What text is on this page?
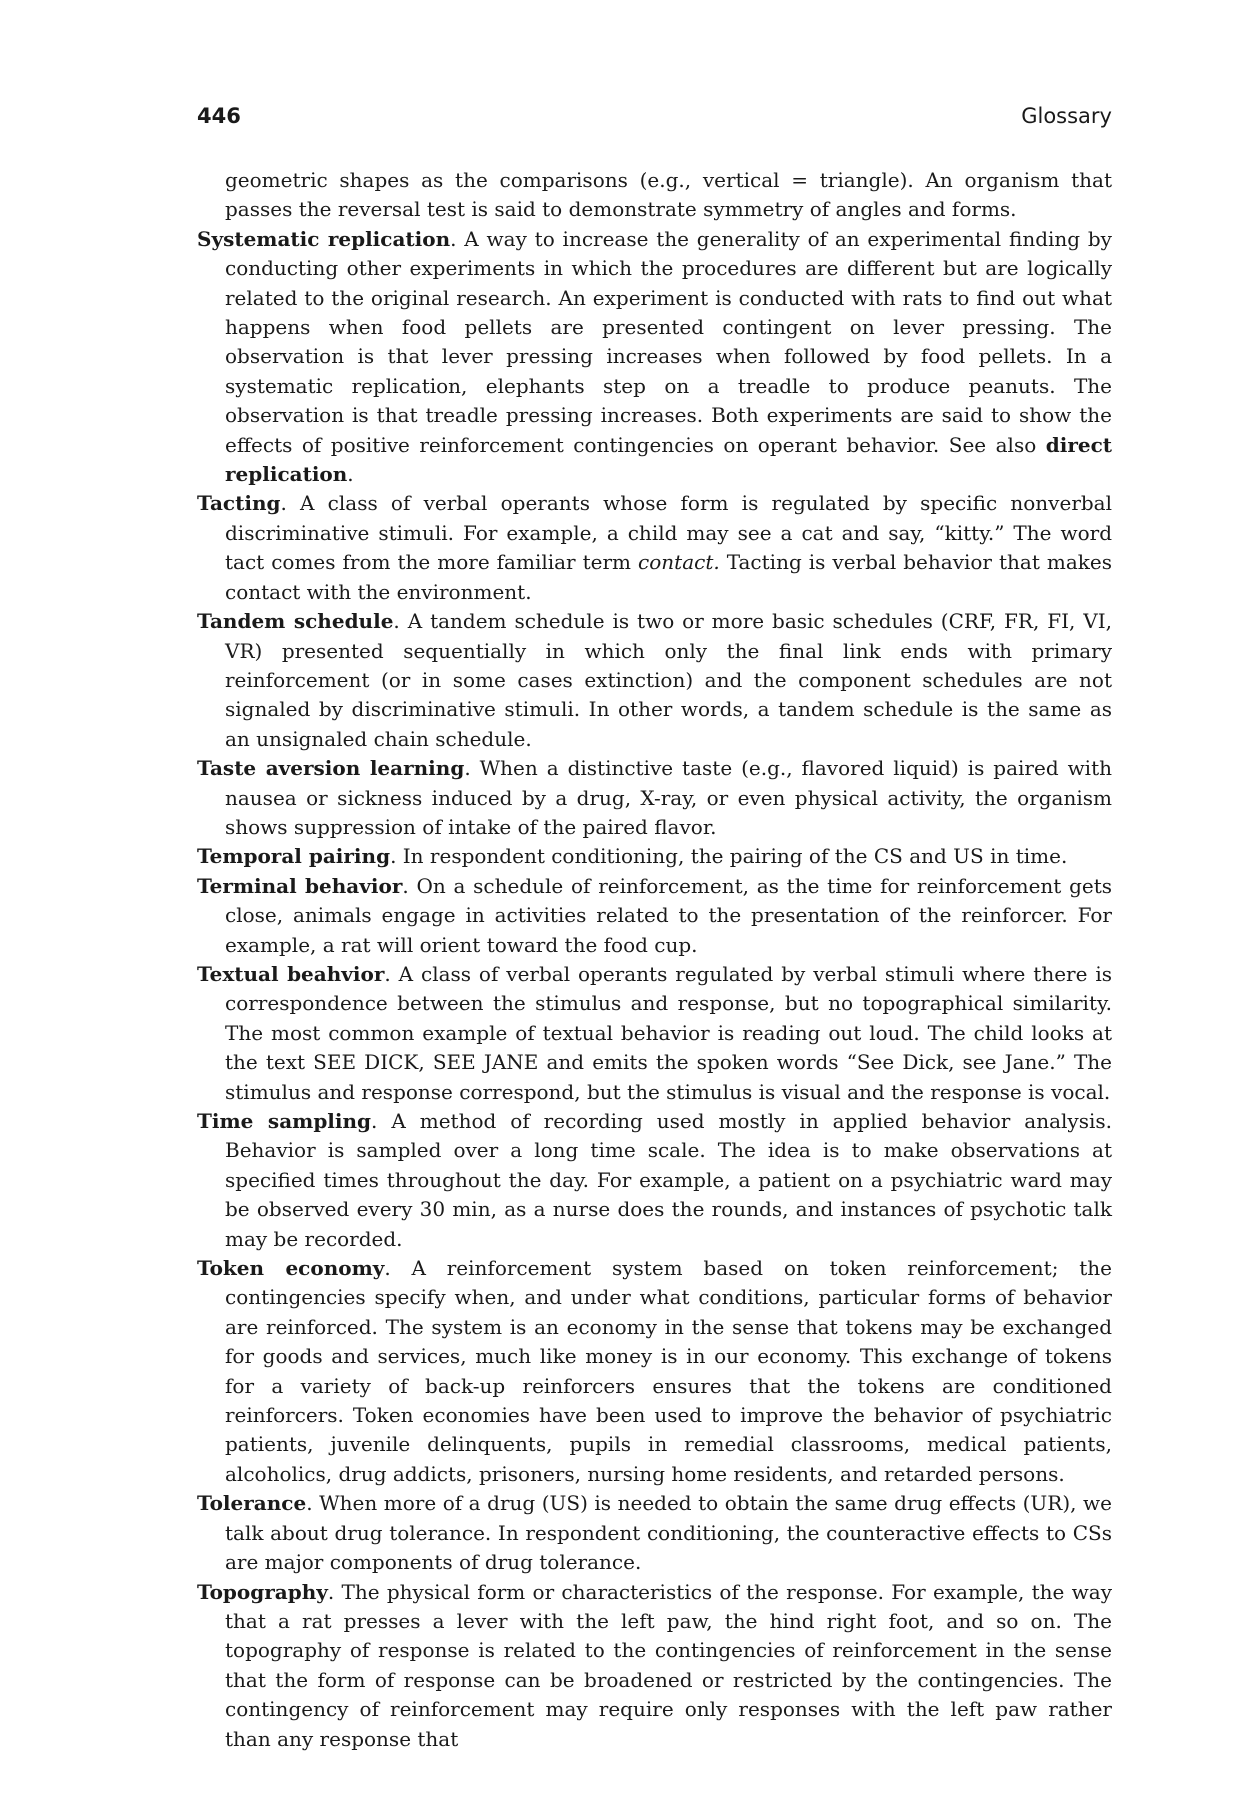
446	Glossary

geometric shapes as the comparisons (e.g., vertical = triangle). An organism that passes the reversal test is said to demonstrate symmetry of angles and forms.

Systematic replication. A way to increase the generality of an experimental finding by conducting other experiments in which the procedures are different but are logically related to the original research. An experiment is conducted with rats to find out what happens when food pellets are presented contingent on lever pressing. The observation is that lever pressing increases when followed by food pellets. In a systematic replication, elephants step on a treadle to produce peanuts. The observation is that treadle pressing increases. Both experiments are said to show the effects of positive reinforcement contingencies on operant behavior. See also direct replication.

Tacting. A class of verbal operants whose form is regulated by specific nonverbal discriminative stimuli. For example, a child may see a cat and say, “kitty.” The word tact comes from the more familiar term contact. Tacting is verbal behavior that makes contact with the environment.

Tandem schedule. A tandem schedule is two or more basic schedules (CRF, FR, FI, VI, VR) presented sequentially in which only the final link ends with primary reinforcement (or in some cases extinction) and the component schedules are not signaled by discriminative stimuli. In other words, a tandem schedule is the same as an unsignaled chain schedule.

Taste aversion learning. When a distinctive taste (e.g., flavored liquid) is paired with nausea or sickness induced by a drug, X-ray, or even physical activity, the organism shows suppression of intake of the paired flavor.

Temporal pairing. In respondent conditioning, the pairing of the CS and US in time.

Terminal behavior. On a schedule of reinforcement, as the time for reinforcement gets close, animals engage in activities related to the presentation of the reinforcer. For example, a rat will orient toward the food cup.

Textual beahvior. A class of verbal operants regulated by verbal stimuli where there is correspondence between the stimulus and response, but no topographical similarity. The most common example of textual behavior is reading out loud. The child looks at the text SEE DICK, SEE JANE and emits the spoken words “See Dick, see Jane.” The stimulus and response correspond, but the stimulus is visual and the response is vocal.

Time sampling. A method of recording used mostly in applied behavior analysis. Behavior is sampled over a long time scale. The idea is to make observations at specified times throughout the day. For example, a patient on a psychiatric ward may be observed every 30 min, as a nurse does the rounds, and instances of psychotic talk may be recorded.

Token economy. A reinforcement system based on token reinforcement; the contingencies specify when, and under what conditions, particular forms of behavior are reinforced. The system is an economy in the sense that tokens may be exchanged for goods and services, much like money is in our economy. This exchange of tokens for a variety of back-up reinforcers ensures that the tokens are conditioned reinforcers. Token economies have been used to improve the behavior of psychiatric patients, juvenile delinquents, pupils in remedial classrooms, medical patients, alcoholics, drug addicts, prisoners, nursing home residents, and retarded persons.

Tolerance. When more of a drug (US) is needed to obtain the same drug effects (UR), we talk about drug tolerance. In respondent conditioning, the counteractive effects to CSs are major components of drug tolerance.

Topography. The physical form or characteristics of the response. For example, the way that a rat presses a lever with the left paw, the hind right foot, and so on. The topography of response is related to the contingencies of reinforcement in the sense that the form of response can be broadened or restricted by the contingencies. The contingency of reinforcement may require only responses with the left paw rather than any response that
